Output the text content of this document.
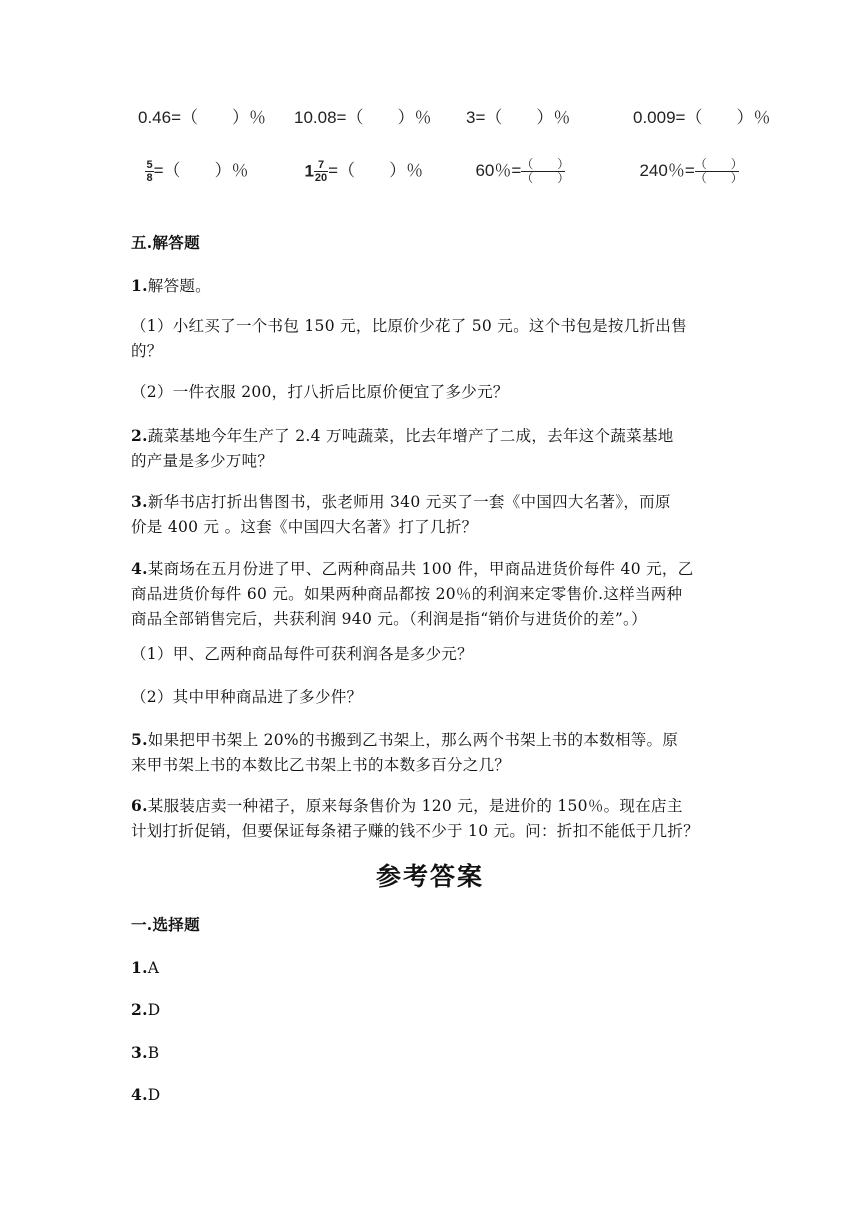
0.46=（　　）％ 10.08=（　　）％ 3=（　　）％	0.009=（　　）％

$\frac{5}{8}$ =（　　）％	$1 \frac{7}{20}$ =（　　）％	60％= $\frac{( )}{( )}$	240％= $\frac{( )}{( )}$

五.解答题
1.解答题。
（1）小红买了一个书包 150 元，比原价少花了 50 元。这个书包是按几折出售
的？
（2）一件衣服 200，打八折后比原价便宜了多少元？
2.蔬菜基地今年生产了 2.4 万吨蔬菜，比去年增产了二成，去年这个蔬菜基地
的产量是多少万吨？
3.新华书店打折出售图书，张老师用 340 元买了一套《中国四大名著》，而原
价是 400 元 。这套《中国四大名著》打了几折？
4.某商场在五月份进了甲、乙两种商品共 100 件，甲商品进货价每件 40 元，乙
商品进货价每件 60 元。如果两种商品都按 20％的利润来定零售价.这样当两种
商品全部销售完后，共获利润 940 元。（利润是指“销价与进货价的差”。）
（1）甲、乙两种商品每件可获利润各是多少元？
（2）其中甲种商品进了多少件？
5.如果把甲书架上 20%的书搬到乙书架上，那么两个书架上书的本数相等。原
来甲书架上书的本数比乙书架上书的本数多百分之几？
6.某服装店卖一种裙子，原来每条售价为 120 元，是进价的 150％。现在店主
计划打折促销，但要保证每条裙子赚的钱不少于 10 元。问：折扣不能低于几折？
参考答案
一.选择题
1.A
2.D
3.B
4.D
